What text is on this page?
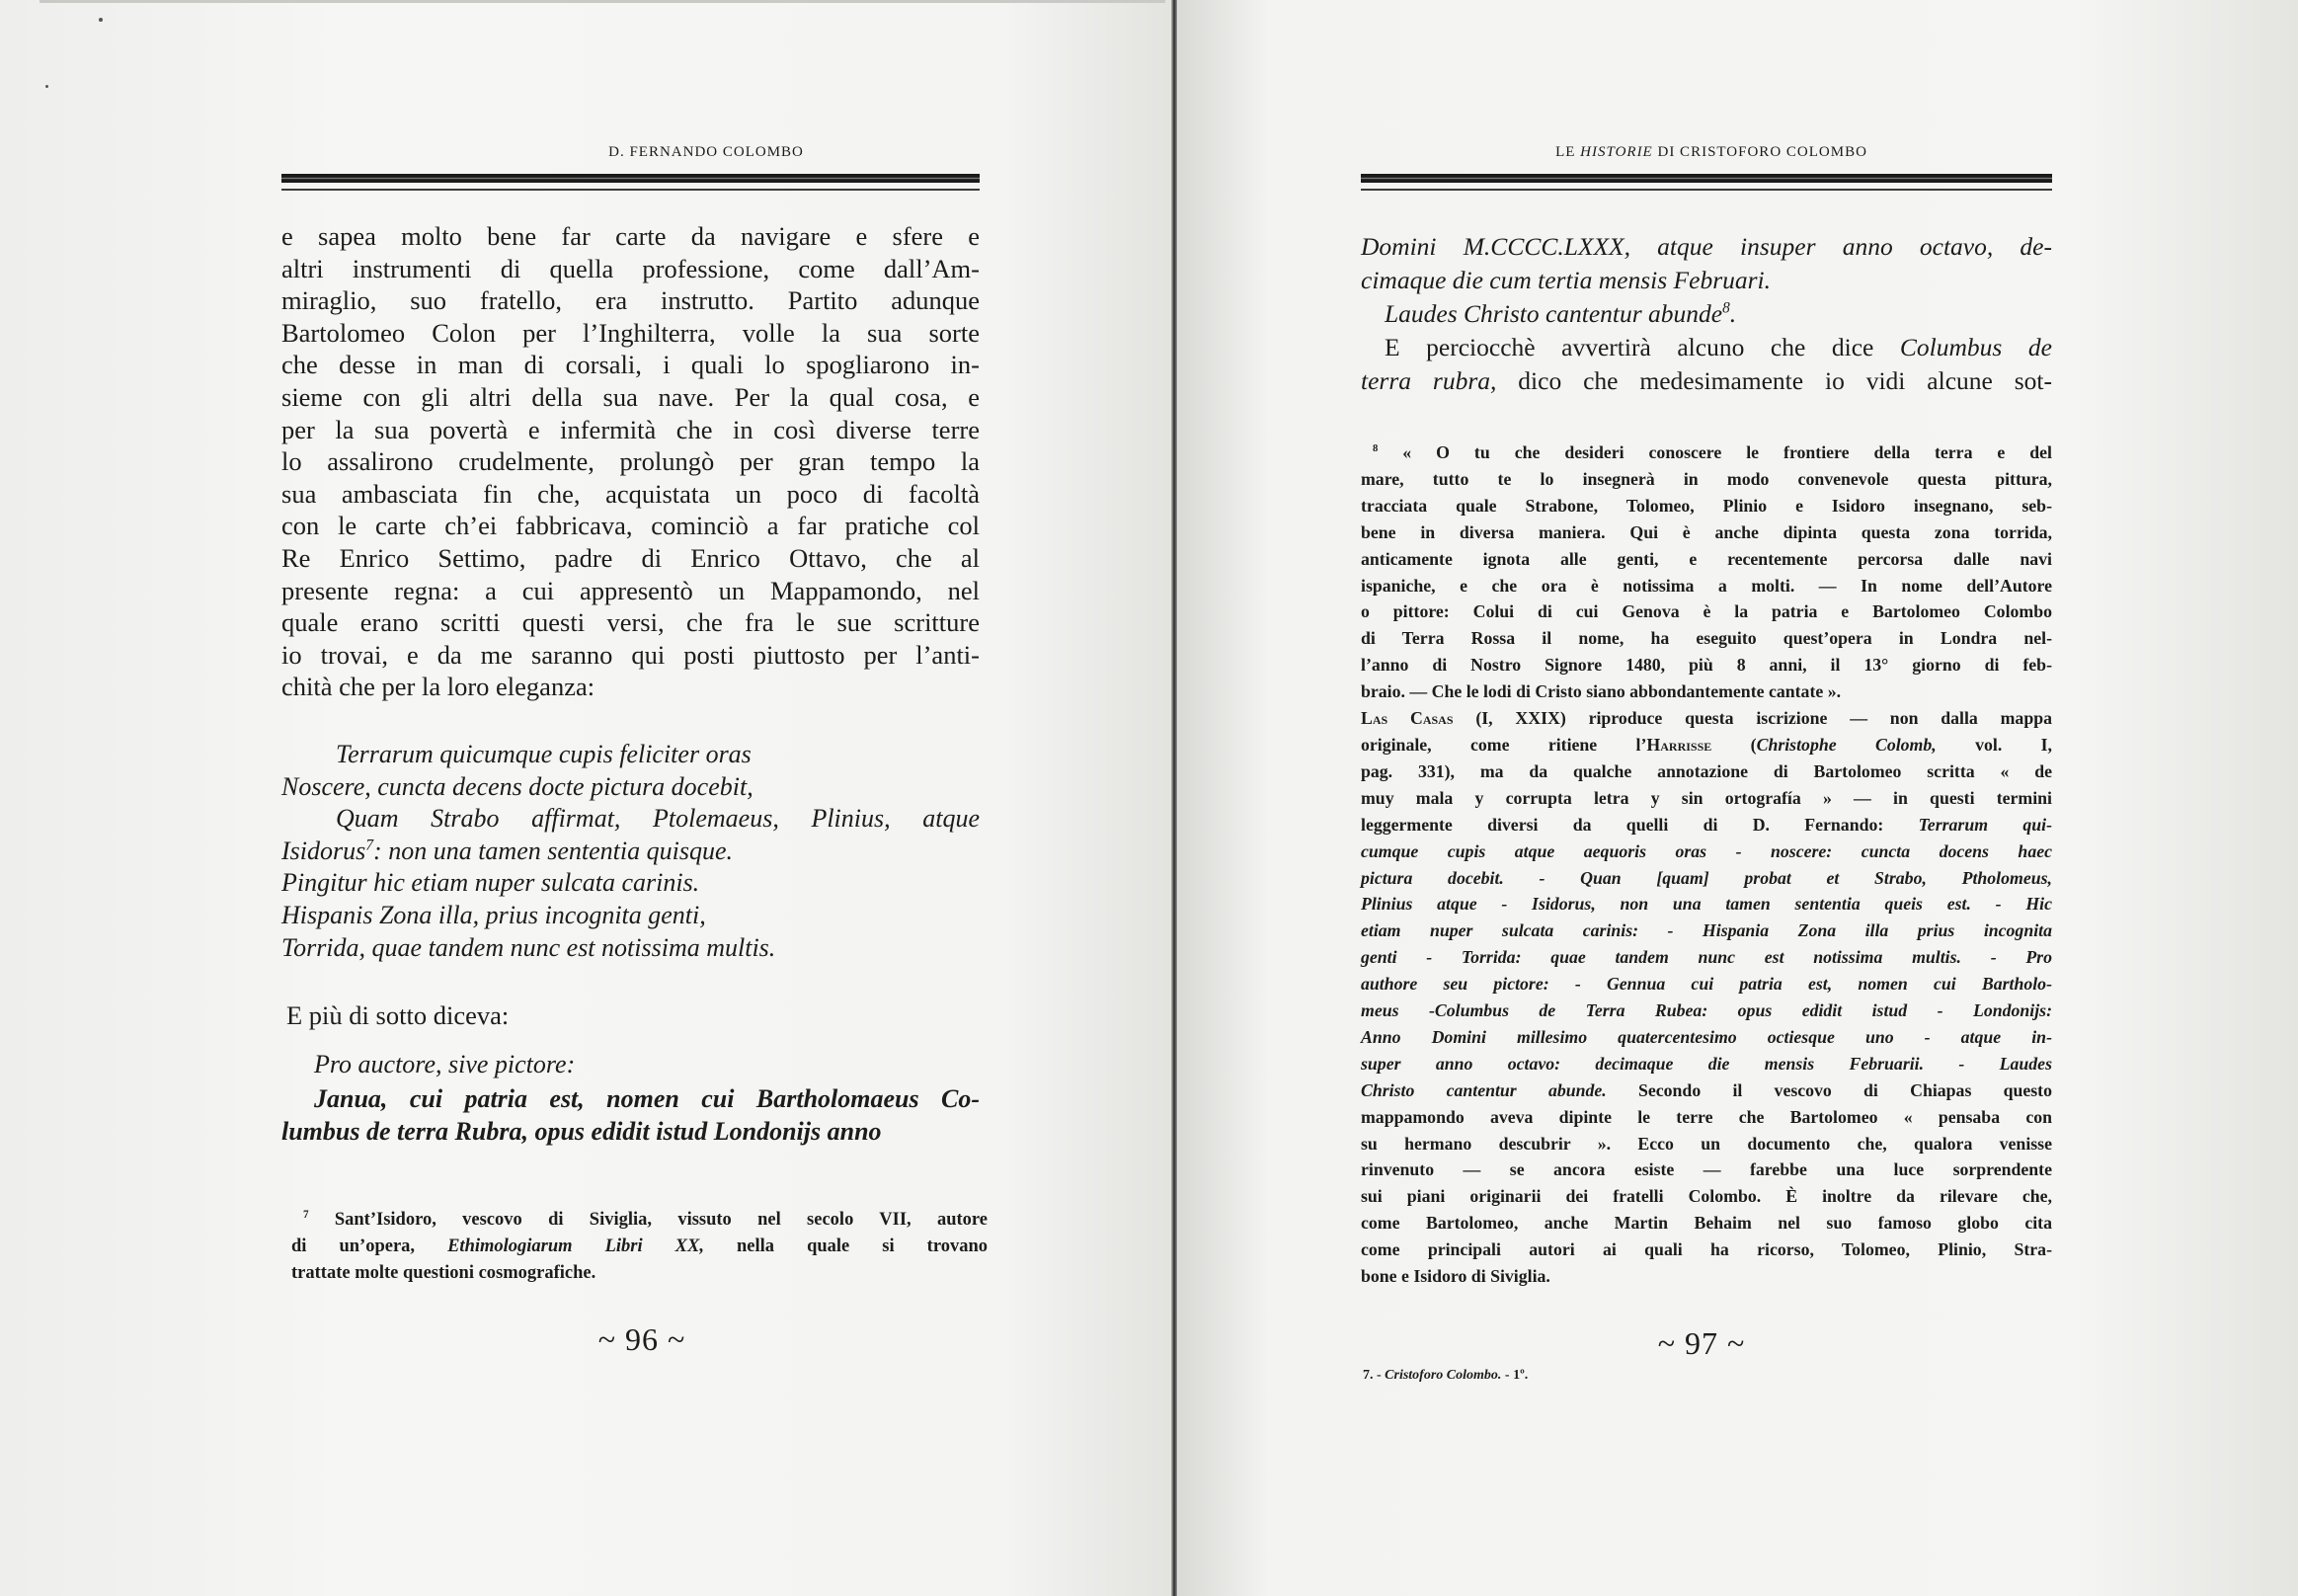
D. FERNANDO COLOMBO

e sapea molto bene far carte da navigare e sfere e

altri instrumenti di quella professione, come dall’Am-

miraglio, suo fratello, era instrutto. Partito adunque

Bartolomeo Colon per l’Inghilterra, volle la sua sorte

che desse in man di corsali, i quali lo spogliarono in-

sieme con gli altri della sua nave. Per la qual cosa, e

per la sua povertà e infermità che in così diverse terre

lo assalirono crudelmente, prolungò per gran tempo la

sua ambasciata fin che, acquistata un poco di facoltà

con le carte ch’ei fabbricava, cominciò a far pratiche col

Re Enrico Settimo, padre di Enrico Ottavo, che al

presente regna: a cui appresentò un Mappamondo, nel

quale erano scritti questi versi, che fra le sue scritture

io trovai, e da me saranno qui posti piuttosto per l’anti-

chità che per la loro eleganza:

Terrarum quicumque cupis feliciter oras
Noscere, cuncta decens docte pictura docebit,
Quam Strabo affirmat, Ptolemaeus, Plinius, atque
Isidorus$^7$: non una tamen sententia quisque.
Pingitur hic etiam nuper sulcata carinis.
Hispanis Zona illa, prius incognita genti,
Torrida, quae tandem nunc est notissima multis.
E più di sotto diceva:
Pro auctore, sive pictore:
Janua, cui patria est, nomen cui Bartholomaeus Co-
lumbus de terra Rubra, opus edidit istud Londonijs anno

$^7$ Sant’Isidoro, vescovo di Siviglia, vissuto nel secolo VII, autore

di un’opera, Ethimologiarum Libri XX, nella quale si trovano

trattate molte questioni cosmografiche.

~ 96 ~
LE HISTORIE DI CRISTOFORO COLOMBO

Domini M.CCCC.LXXX, atque insuper anno octavo, de-

cimaque die cum tertia mensis Februari.

Laudes Christo cantentur abunde$^8$.

E perciocchè avvertirà alcuno che dice Columbus de

terra rubra, dico che medesimamente io vidi alcune sot-

$^8$ « O tu che desideri conoscere le frontiere della terra e del

mare, tutto te lo insegnerà in modo convenevole questa pittura,

tracciata quale Strabone, Tolomeo, Plinio e Isidoro insegnano, seb-

bene in diversa maniera. Qui è anche dipinta questa zona torrida,

anticamente ignota alle genti, e recentemente percorsa dalle navi

ispaniche, e che ora è notissima a molti. — In nome dell’Autore

o pittore: Colui di cui Genova è la patria e Bartolomeo Colombo

di Terra Rossa il nome, ha eseguito quest’opera in Londra nel-

l’anno di Nostro Signore 1480, più 8 anni, il 13° giorno di feb-

braio. — Che le lodi di Cristo siano abbondantemente cantate ».

Las Casas (I, XXIX) riproduce questa iscrizione — non dalla mappa

originale, come ritiene l’Harrisse (Christophe Colomb, vol. I,

pag. 331), ma da qualche annotazione di Bartolomeo scritta « de

muy mala y corrupta letra y sin ortografía » — in questi termini

leggermente diversi da quelli di D. Fernando: Terrarum qui-

cumque cupis atque aequoris oras - noscere: cuncta docens haec

pictura docebit. - Quan [quam] probat et Strabo, Ptholomeus,

Plinius atque - Isidorus, non una tamen sententia queis est. - Hic

etiam nuper sulcata carinis: - Hispania Zona illa prius incognita

genti - Torrida: quae tandem nunc est notissima multis. - Pro

authore seu pictore: - Gennua cui patria est, nomen cui Bartholo-

meus -Columbus de Terra Rubea: opus edidit istud - Londonijs:

Anno Domini millesimo quatercentesimo octiesque uno - atque in-

super anno octavo: decimaque die mensis Februarii. - Laudes

Christo cantentur abunde. Secondo il vescovo di Chiapas questo

mappamondo aveva dipinte le terre che Bartolomeo « pensaba con

su hermano descubrir ». Ecco un documento che, qualora venisse

rinvenuto — se ancora esiste — farebbe una luce sorprendente

sui piani originarii dei fratelli Colombo. È inoltre da rilevare che,

come Bartolomeo, anche Martin Behaim nel suo famoso globo cita

come principali autori ai quali ha ricorso, Tolomeo, Plinio, Stra-

bone e Isidoro di Siviglia.

~ 97 ~
7. - Cristoforo Colombo. - 1º.
